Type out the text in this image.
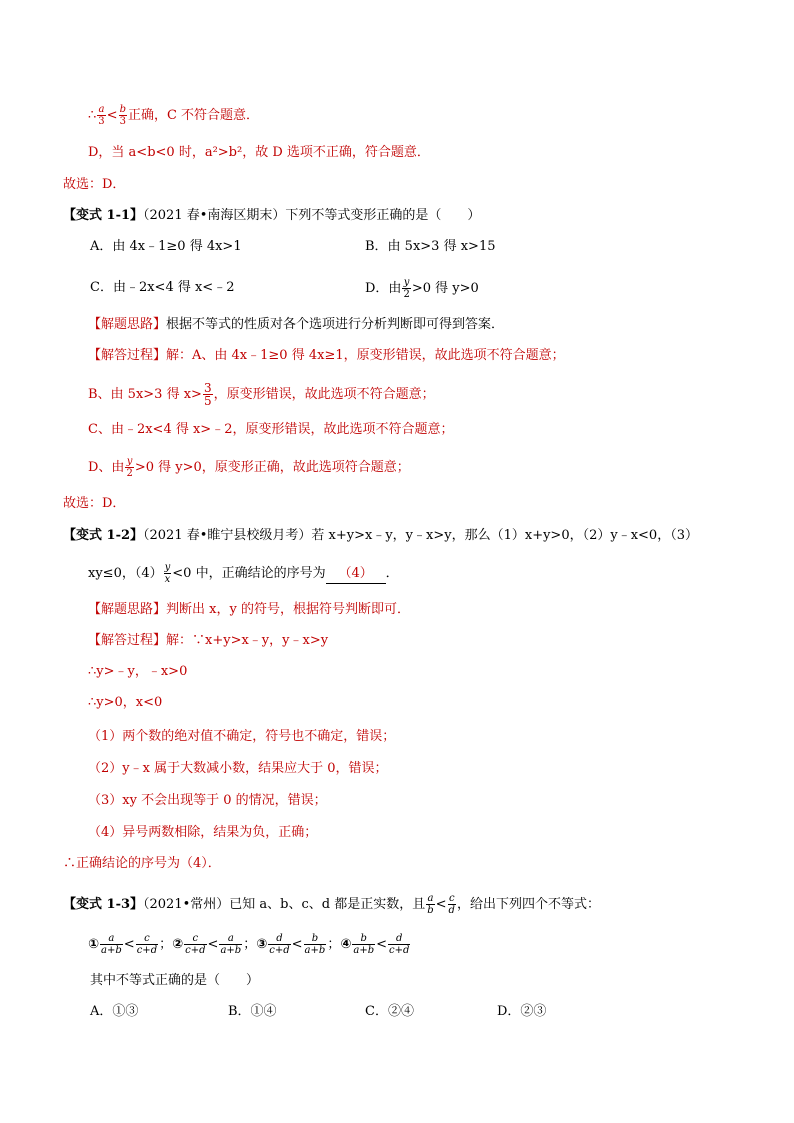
∴ $\frac{a}{3} < \frac{b}{3}$ 正确，C 不符合题意．
D，当 a<b<0 时，a²>b²，故 D 选项不正确，符合题意．
故选：D．
【变式 1-1】（2021 春•南海区期末）下列不等式变形正确的是（　　）
A．由 4x﹣1≥0 得 4x>1	B．由 5x>3 得 x>15
C．由﹣2x<4 得 x<﹣2	D．由 $\frac{y}{2} >0$ 得 y>0
【解题思路】根据不等式的性质对各个选项进行分析判断即可得到答案．
【解答过程】解：A、由 4x﹣1≥0 得 4x≥1，原变形错误，故此选项不符合题意；
B、由 5x>3 得 $x> \frac{3}{5}$ ，原变形错误，故此选项不符合题意；
C、由﹣2x<4 得 x>﹣2，原变形错误，故此选项不符合题意；
D、由 $\frac{y}{2} >0$ 得 y>0，原变形正确，故此选项符合题意；
故选：D．
【变式 1-2】（2021 春•睢宁县校级月考）若 x+y>x﹣y，y﹣x>y，那么（1）x+y>0，（2）y﹣x<0，（3）
xy≤0，$(4) \frac{y}{x} <0$ 中，正确结论的序号为 （4） ．
【解题思路】判断出 x，y 的符号，根据符号判断即可．
【解答过程】解：∵x+y>x﹣y，y﹣x>y
∴y>﹣y，﹣x>0
∴y>0，x<0
（1）两个数的绝对值不确定，符号也不确定，错误；
（2）y﹣x 属于大数减小数，结果应大于 0，错误；
（3）xy 不会出现等于 0 的情况，错误；
（4）异号两数相除，结果为负，正确；
∴正确结论的序号为（4）．
【变式 1-3】（2021•常州）已知 a、b、c、d 都是正实数，且 $\frac{a}{b} < \frac{c}{d}$ ，给出下列四个不等式：
① $\frac{a}{a+b} < \frac{c}{c+d}$ ；② $\frac{c}{c+d} < \frac{a}{a+b}$ ；③ $\frac{d}{c+d} < \frac{b}{a+b}$ ；④ $\frac{b}{a+b} < \frac{d}{c+d}$
其中不等式正确的是（　　）
A．①③	B．①④	C．②④	D．②③
